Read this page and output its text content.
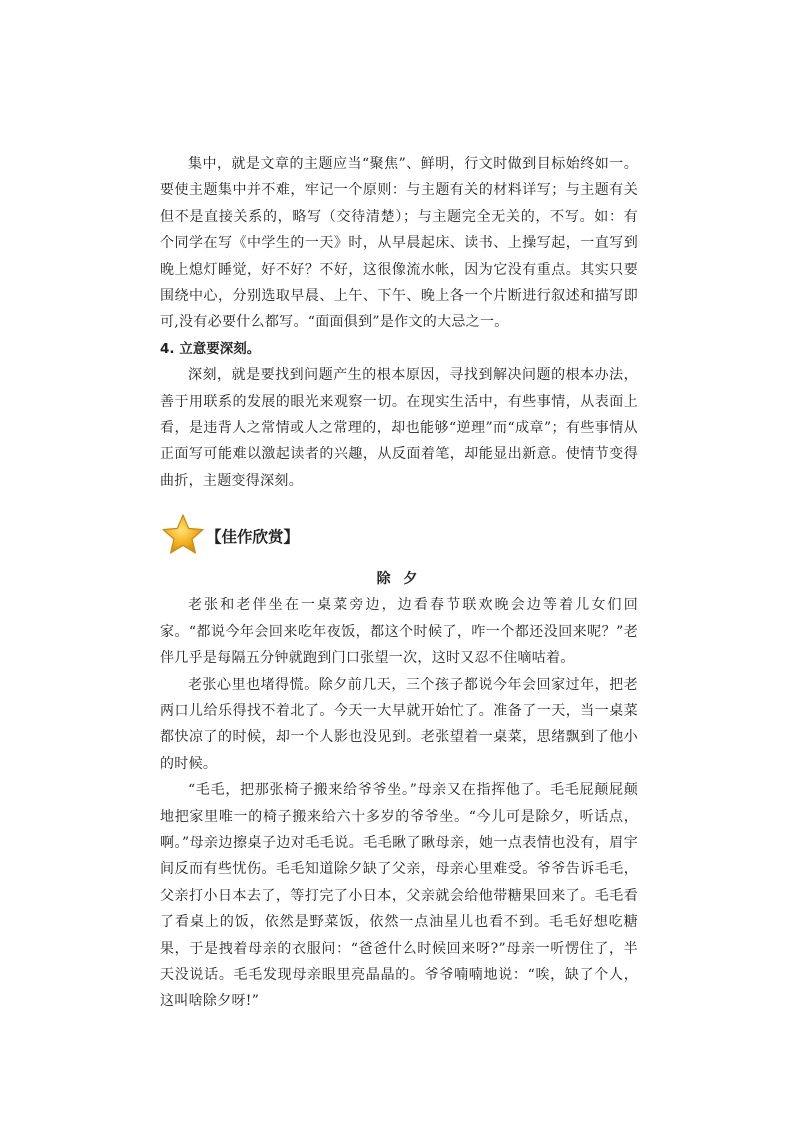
集中，就是文章的主题应当“聚焦”、鲜明，行文时做到目标始终如一。要使主题集中并不难，牢记一个原则：与主题有关的材料详写；与主题有关但不是直接关系的，略写（交待清楚）；与主题完全无关的，不写。如：有个同学在写《中学生的一天》时，从早晨起床、读书、上操写起，一直写到晚上熄灯睡觉，好不好？不好，这很像流水帐，因为它没有重点。其实只要围绕中心，分别选取早晨、上午、下午、晚上各一个片断进行叙述和描写即可,没有必要什么都写。“面面俱到”是作文的大忌之一。

4. 立意要深刻。

深刻，就是要找到问题产生的根本原因，寻找到解决问题的根本办法，善于用联系的发展的眼光来观察一切。在现实生活中，有些事情，从表面上看，是违背人之常情或人之常理的，却也能够“逆理”而“成章”；有些事情从正面写可能难以激起读者的兴趣，从反面着笔，却能显出新意。使情节变得曲折，主题变得深刻。

【佳作欣赏】

除 夕

老张和老伴坐在一桌菜旁边，边看春节联欢晚会边等着儿女们回家。“都说今年会回来吃年夜饭，都这个时候了，咋一个都还没回来呢？”老伴几乎是每隔五分钟就跑到门口张望一次，这时又忍不住嘀咕着。

老张心里也堵得慌。除夕前几天，三个孩子都说今年会回家过年，把老两口儿给乐得找不着北了。今天一大早就开始忙了。准备了一天，当一桌菜都快凉了的时候，却一个人影也没见到。老张望着一桌菜，思绪飘到了他小的时候。

“毛毛，把那张椅子搬来给爷爷坐。”母亲又在指挥他了。毛毛屁颠屁颠地把家里唯一的椅子搬来给六十多岁的爷爷坐。“今儿可是除夕，听话点，啊。”母亲边擦桌子边对毛毛说。毛毛瞅了瞅母亲，她一点表情也没有，眉宇间反而有些忧伤。毛毛知道除夕缺了父亲，母亲心里难受。爷爷告诉毛毛，父亲打小日本去了，等打完了小日本，父亲就会给他带糖果回来了。毛毛看了看桌上的饭，依然是野菜饭，依然一点油星儿也看不到。毛毛好想吃糖果，于是拽着母亲的衣服问：“爸爸什么时候回来呀?”母亲一听愣住了，半天没说话。毛毛发现母亲眼里亮晶晶的。爷爷喃喃地说：“唉，缺了个人，这叫啥除夕呀!”
